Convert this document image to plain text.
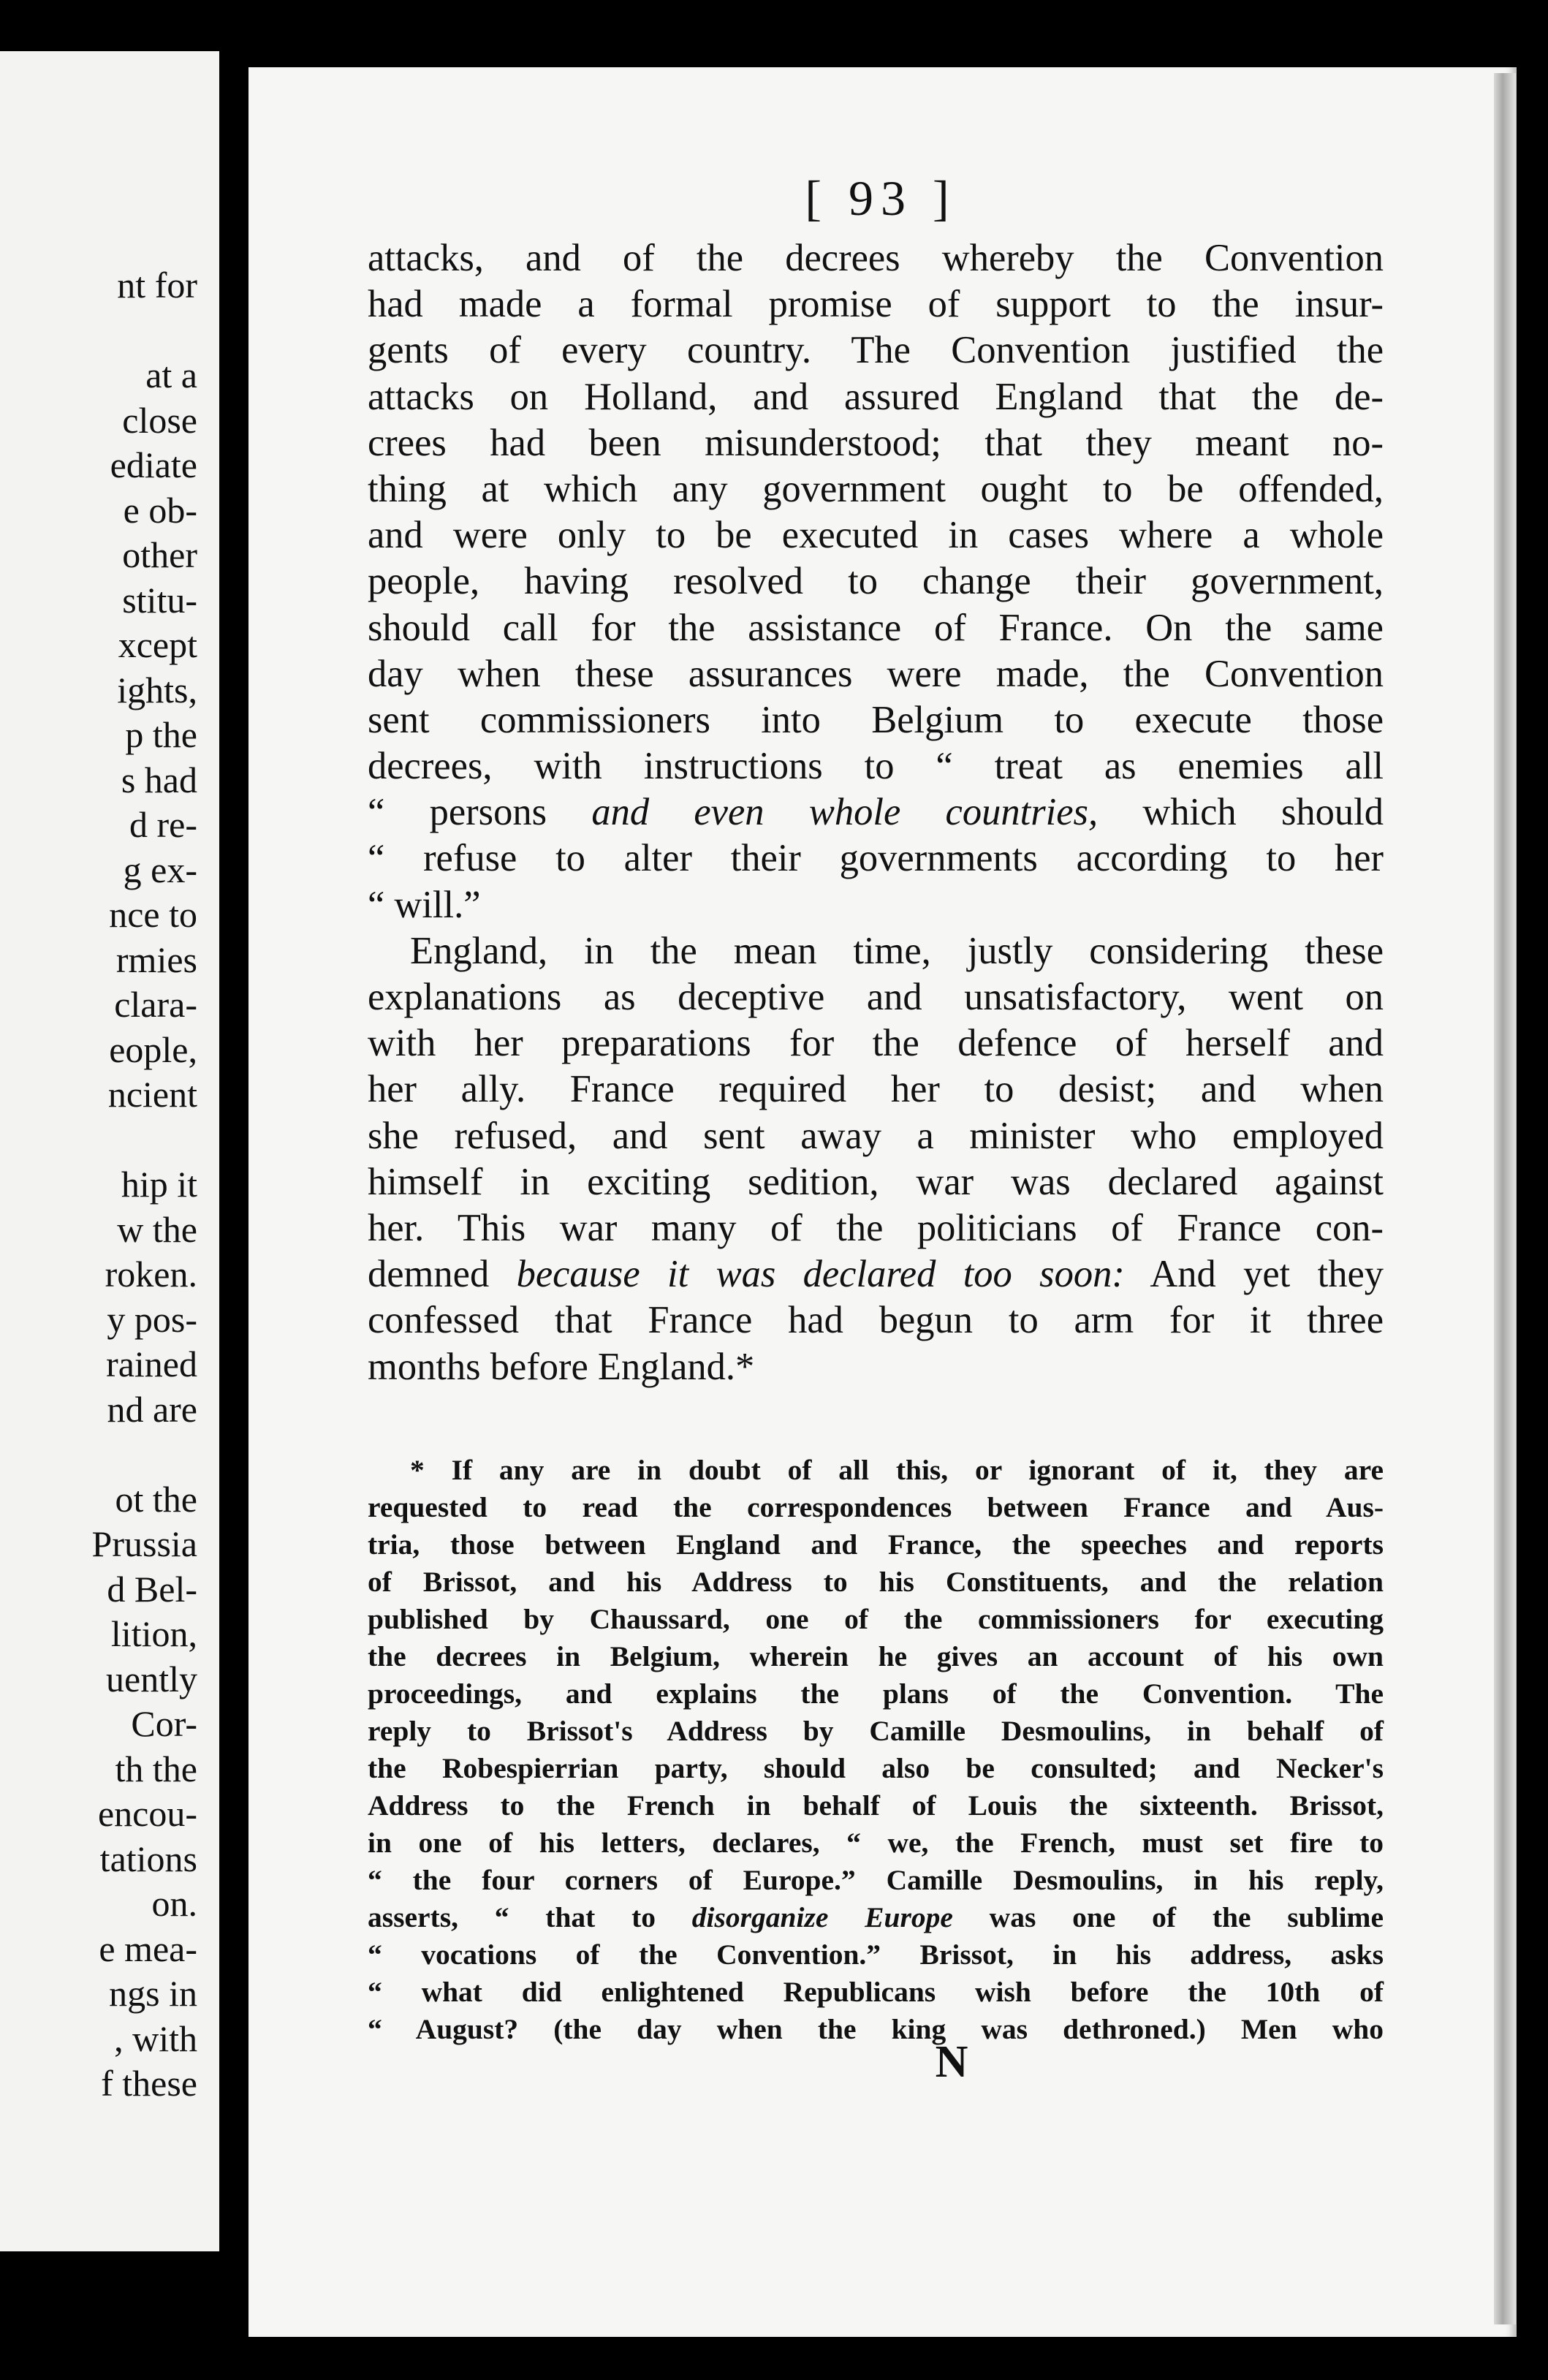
nt for
at a
close
ediate
e ob-
other
stitu-
xcept
ights,
p the
s had
d re-
g ex-
nce to
rmies
clara-
eople,
ncient
hip it
w the
roken.
y pos-
rained
nd are
ot the
Prussia
d Bel-
lition,
uently
Cor-
th the
encou-
tations
on.
e mea-
ngs in
, with
f these
[ 93 ]
attacks, and of the decrees whereby the Convention
had made a formal promise of support to the insur-
gents of every country. The Convention justified the
attacks on Holland, and assured England that the de-
crees had been misunderstood; that they meant no-
thing at which any government ought to be offended,
and were only to be executed in cases where a whole
people, having resolved to change their government,
should call for the assistance of France. On the same
day when these assurances were made, the Convention
sent commissioners into Belgium to execute those
decrees, with instructions to “ treat as enemies all
“ persons and even whole countries, which should
“ refuse to alter their governments according to her
“ will.”
England, in the mean time, justly considering these
explanations as deceptive and unsatisfactory, went on
with her preparations for the defence of herself and
her ally. France required her to desist; and when
she refused, and sent away a minister who employed
himself in exciting sedition, war was declared against
her. This war many of the politicians of France con-
demned because it was declared too soon: And yet they
confessed that France had begun to arm for it three
months before England.*
* If any are in doubt of all this, or ignorant of it, they are
requested to read the correspondences between France and Aus-
tria, those between England and France, the speeches and reports
of Brissot, and his Address to his Constituents, and the relation
published by Chaussard, one of the commissioners for executing
the decrees in Belgium, wherein he gives an account of his own
proceedings, and explains the plans of the Convention. The
reply to Brissot's Address by Camille Desmoulins, in behalf of
the Robespierrian party, should also be consulted; and Necker's
Address to the French in behalf of Louis the sixteenth. Brissot,
in one of his letters, declares, “ we, the French, must set fire to
“ the four corners of Europe.” Camille Desmoulins, in his reply,
asserts, “ that to disorganize Europe was one of the sublime
“ vocations of the Convention.” Brissot, in his address, asks
“ what did enlightened Republicans wish before the 10th of
“ August? (the day when the king was dethroned.) Men who
N
